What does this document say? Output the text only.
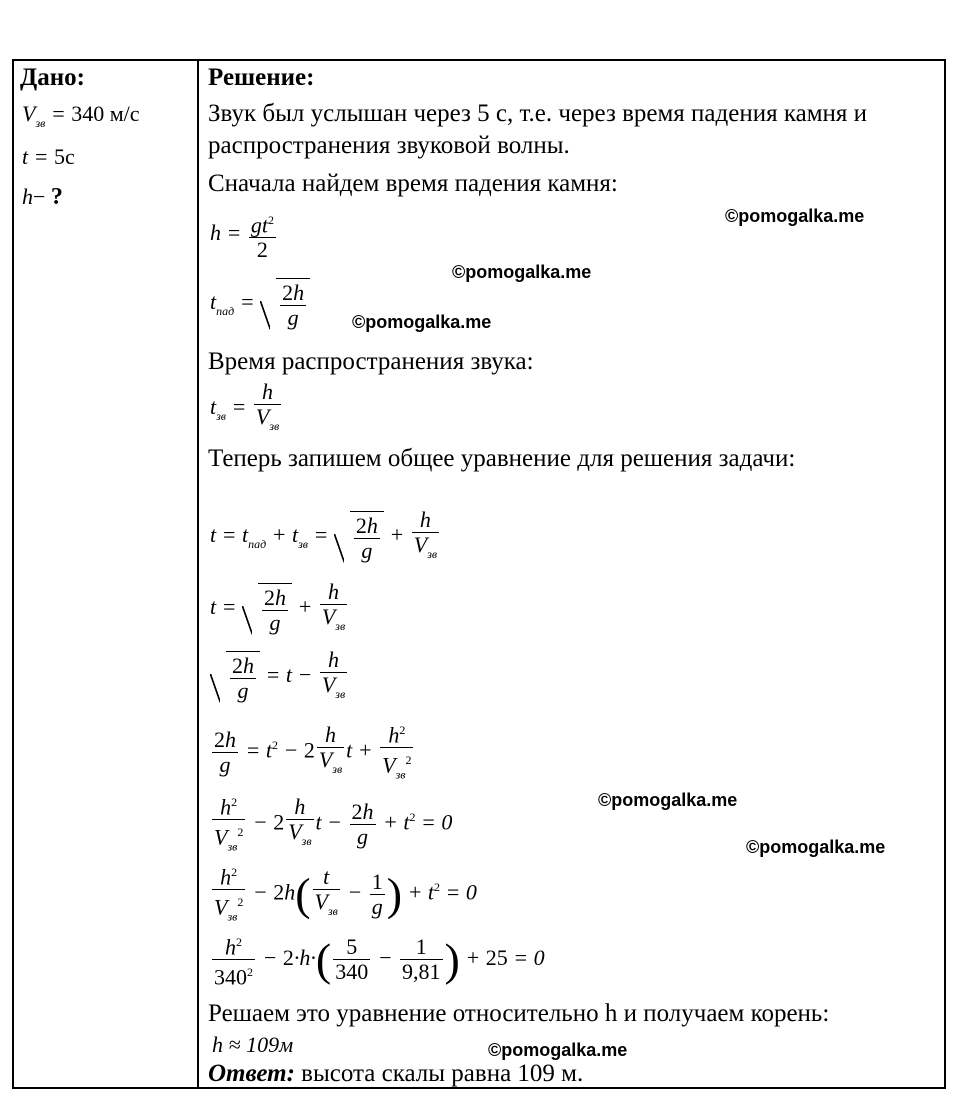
Дано:
$V_{зв} = 340$ м/с
t = 5с
h− ?
Решение:
Звук был услышан через 5 с, т.е. через время падения камня и
распространения звуковой волны.
Сначала найдем время падения камня:
$h = \frac{gt^2}{2}$
$t_{пад} = \frac{2h}{g}$
Время распространения звука:
$t_{зв} = \frac{h}{V_{зв}}$
Теперь запишем общее уравнение для решения задачи:
$t = t_{пад} + t_{зв} = \frac{2h}{g} + \frac{h}{V_{зв}}$
$t = \frac{2h}{g} + \frac{h}{V_{зв}}$
$\frac{2h}{g} = t - \frac{h}{V_{зв}}$
$\frac{2h}{g} = t^2 - 2 \frac{h}{V_{зв}}$ $t + \frac{h^2}{V_{зв}^2}$
$\frac{h^2}{V_{зв}^2} - 2 \frac{h}{V_{зв}}$ $t - \frac{2h}{g} + t^2 = 0$
$\frac{h^2}{V_{зв}^2} - 2h( \frac{t}{V_{зв}} - \frac{1}{g}$ ) + $t^2 = 0$
$\frac{h^2}{340^2} - 2\cdot h\cdot( \frac{5}{340} - \frac{1}{9,81}$ ) + 25 = 0
Решаем это уравнение относительно h и получаем корень:
h ≈ 109м
Ответ: высота скалы равна 109 м.
©pomogalka.me
©pomogalka.me
©pomogalka.me
©pomogalka.me
©pomogalka.me
©pomogalka.me
